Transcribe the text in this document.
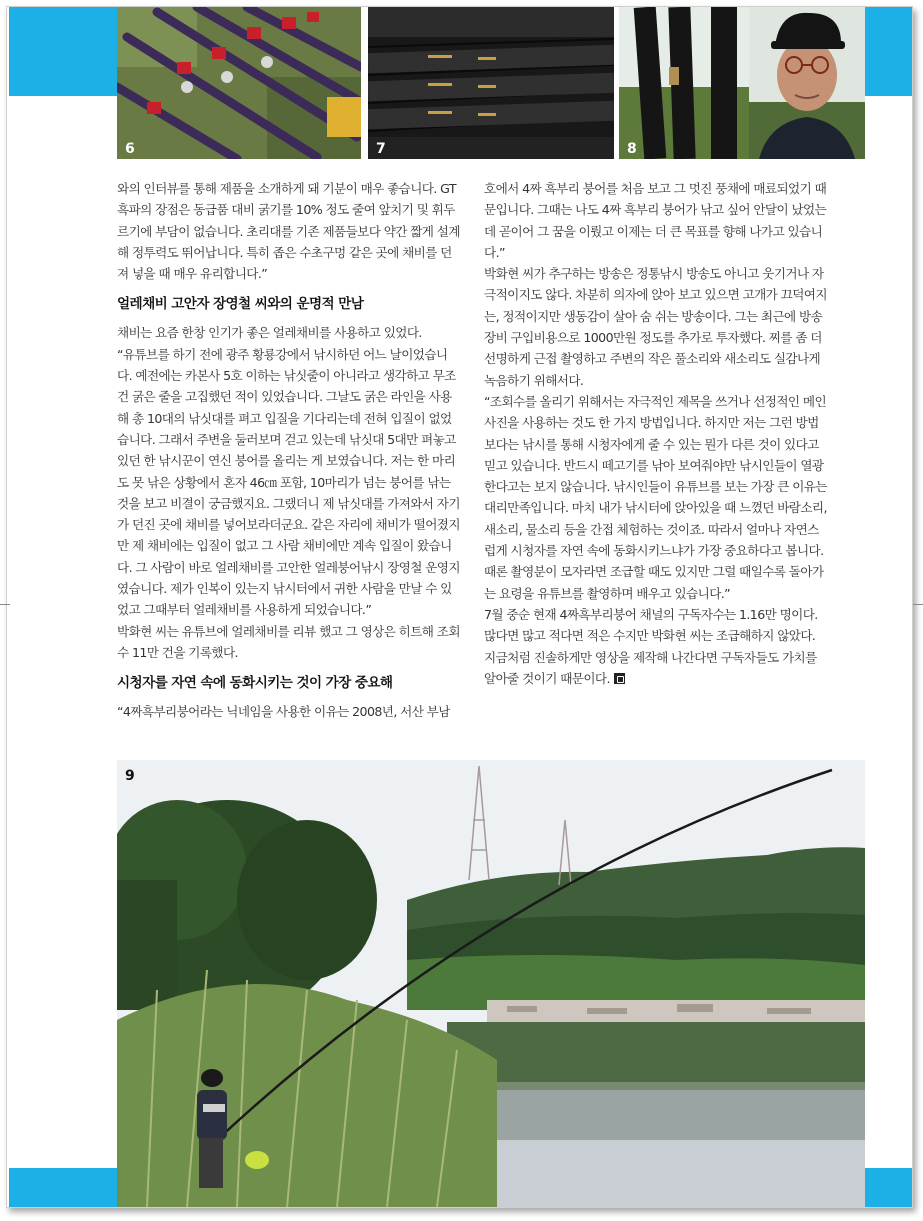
6	7	8

와의 인터뷰를 통해 제품을 소개하게 돼 기분이 매우 좋습니다. GT흑파의 장점은 동급품 대비 굵기를 10% 정도 줄여 앞치기 및 휘두르기에 부담이 없습니다. 초리대를 기존 제품들보다 약간 짧게 설계해 정투력도 뛰어납니다. 특히 좁은 수초구멍 같은 곳에 채비를 던져 넣을 때 매우 유리합니다.”

얼레채비 고안자 장영철 씨와의 운명적 만남

채비는 요즘 한창 인기가 좋은 얼레채비를 사용하고 있었다.

“유튜브를 하기 전에 광주 황룡강에서 낚시하던 어느 날이었습니다. 예전에는 카본사 5호 이하는 낚싯줄이 아니라고 생각하고 무조건 굵은 줄을 고집했던 적이 있었습니다. 그날도 굵은 라인을 사용해 총 10대의 낚싯대를 펴고 입질을 기다리는데 전혀 입질이 없었습니다. 그래서 주변을 둘러보며 걷고 있는데 낚싯대 5대만 펴놓고 있던 한 낚시꾼이 연신 붕어를 올리는 게 보였습니다. 저는 한 마리도 못 낚은 상황에서 혼자 46㎝ 포함, 10마리가 넘는 붕어를 낚는 것을 보고 비결이 궁금했지요. 그랬더니 제 낚싯대를 가져와서 자기가 던진 곳에 채비를 넣어보라더군요. 같은 자리에 채비가 떨어졌지만 제 채비에는 입질이 없고 그 사람 채비에만 계속 입질이 왔습니다. 그 사람이 바로 얼레채비를 고안한 얼레붕어낚시 장영철 운영지였습니다. 제가 인복이 있는지 낚시터에서 귀한 사람을 만날 수 있었고 그때부터 얼레채비를 사용하게 되었습니다.”

박화현 씨는 유튜브에 얼레채비를 리뷰 했고 그 영상은 히트해 조회수 11만 건을 기록했다.

시청자를 자연 속에 동화시키는 것이 가장 중요해

“4짜흑부리붕어라는 닉네임을 사용한 이유는 2008년, 서산 부남

호에서 4짜 흑부리 붕어를 처음 보고 그 멋진 풍채에 매료되었기 때문입니다. 그때는 나도 4짜 흑부리 붕어가 낚고 싶어 안달이 났었는데 곧이어 그 꿈을 이뤘고 이제는 더 큰 목표를 향해 나가고 있습니다.”

박화현 씨가 추구하는 방송은 정통낚시 방송도 아니고 웃기거나 자극적이지도 않다. 차분히 의자에 앉아 보고 있으면 고개가 끄덕여지는, 정적이지만 생동감이 살아 숨 쉬는 방송이다. 그는 최근에 방송 장비 구입비용으로 1000만원 정도를 추가로 투자했다. 찌를 좀 더 선명하게 근접 촬영하고 주변의 작은 풀소리와 새소리도 실감나게 녹음하기 위해서다.

“조회수를 올리기 위해서는 자극적인 제목을 쓰거나 선정적인 메인 사진을 사용하는 것도 한 가지 방법입니다. 하지만 저는 그런 방법 보다는 낚시를 통해 시청자에게 줄 수 있는 뭔가 다른 것이 있다고 믿고 있습니다. 반드시 떼고기를 낚아 보여줘야만 낚시인들이 열광한다고는 보지 않습니다. 낚시인들이 유튜브를 보는 가장 큰 이유는 대리만족입니다. 마치 내가 낚시터에 앉아있을 때 느꼈던 바람소리, 새소리, 물소리 등을 간접 체험하는 것이죠. 따라서 얼마나 자연스럽게 시청자를 자연 속에 동화시키느냐가 가장 중요하다고 봅니다. 때론 촬영분이 모자라면 조급할 때도 있지만 그럴 때일수록 돌아가는 요령을 유튜브를 촬영하며 배우고 있습니다.”

7월 중순 현재 4짜흑부리붕어 채널의 구독자수는 1.16만 명이다. 많다면 많고 적다면 적은 수지만 박화현 씨는 조급해하지 않았다. 지금처럼 진솔하게만 영상을 제작해 나간다면 구독자들도 가치를 알아줄 것이기 때문이다.

9
